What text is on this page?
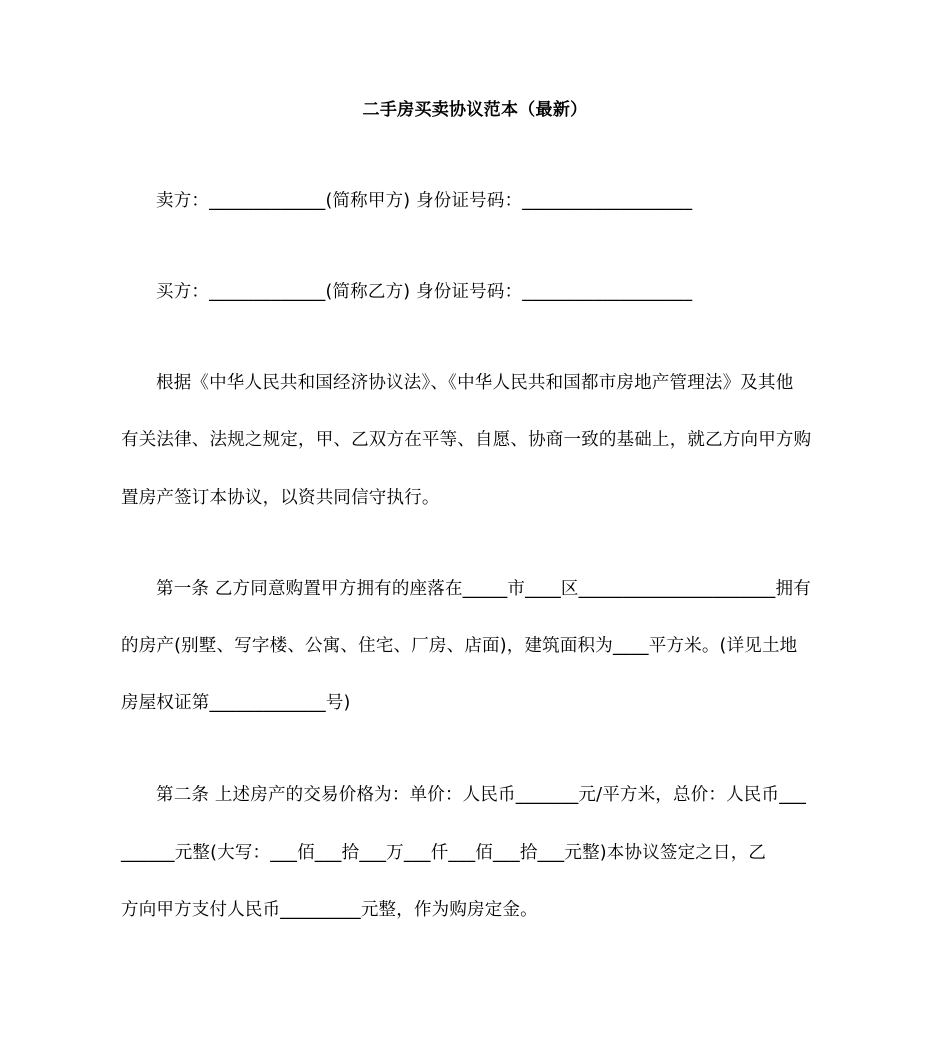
二手房买卖协议范本（最新）
卖方：_____________(简称甲方) 身份证号码：___________________
买方：_____________(简称乙方) 身份证号码：___________________
根据《中华人民共和国经济协议法》、《中华人民共和国都市房地产管理法》及其他
有关法律、法规之规定，甲、乙双方在平等、自愿、协商一致的基础上，就乙方向甲方购
置房产签订本协议，以资共同信守执行。
第一条 乙方同意购置甲方拥有的座落在_____市____区______________________拥有
的房产(别墅、写字楼、公寓、住宅、厂房、店面)，建筑面积为____平方米。(详见土地
房屋权证第_____________号)
第二条 上述房产的交易价格为：单价：人民币_______元/平方米，总价：人民币___
______元整(大写：___佰___拾___万___仟___佰___拾___元整)本协议签定之日，乙
方向甲方支付人民币_________元整，作为购房定金。
